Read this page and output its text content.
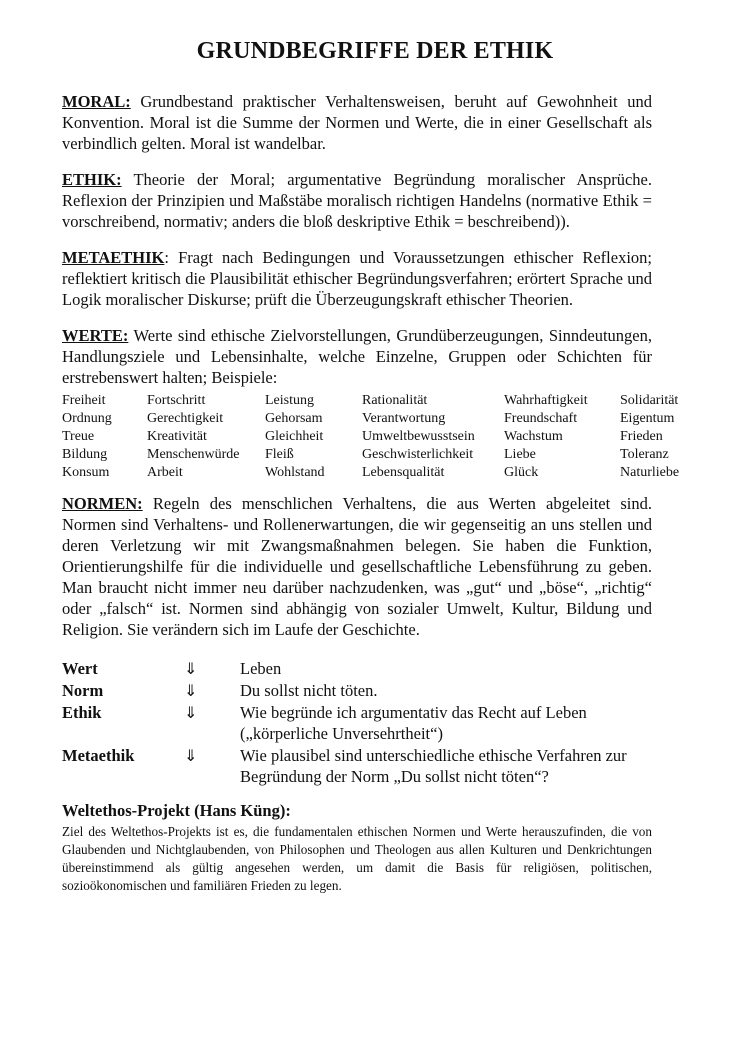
GRUNDBEGRIFFE DER ETHIK

MORAL: Grundbestand praktischer Verhaltensweisen, beruht auf Gewohnheit und Konvention. Moral ist die Summe der Normen und Werte, die in einer Gesellschaft als verbindlich gelten. Moral ist wandelbar.

ETHIK: Theorie der Moral; argumentative Begründung moralischer Ansprüche. Reflexion der Prinzipien und Maßstäbe moralisch richtigen Handelns (normative Ethik = vorschreibend, normativ; anders die bloß deskriptive Ethik = beschreibend)).

METAETHIK: Fragt nach Bedingungen und Voraussetzungen ethischer Reflexion; reflektiert kritisch die Plausibilität ethischer Begründungsverfahren; erörtert Sprache und Logik moralischer Diskurse; prüft die Überzeugungskraft ethischer Theorien.

WERTE: Werte sind ethische Zielvorstellungen, Grundüberzeugungen, Sinndeutungen, Handlungsziele und Lebensinhalte, welche Einzelne, Gruppen oder Schichten für erstrebenswert halten; Beispiele:

Freiheit	Fortschritt	Leistung	Rationalität	Wahrhaftigkeit	Solidarität
Ordnung	Gerechtigkeit	Gehorsam	Verantwortung	Freundschaft	Eigentum
Treue	Kreativität	Gleichheit	Umweltbewusstsein	Wachstum	Frieden
Bildung	Menschenwürde	Fleiß	Geschwisterlichkeit	Liebe	Toleranz
Konsum	Arbeit	Wohlstand	Lebensqualität	Glück	Naturliebe

NORMEN: Regeln des menschlichen Verhaltens, die aus Werten abgeleitet sind. Normen sind Verhaltens- und Rollenerwartungen, die wir gegenseitig an uns stellen und deren Verletzung wir mit Zwangsmaßnahmen belegen. Sie haben die Funktion, Orientierungshilfe für die individuelle und gesellschaftliche Lebensführung zu geben. Man braucht nicht immer neu darüber nachzudenken, was „gut“ und „böse“, „richtig“ oder „falsch“ ist. Normen sind abhängig von sozialer Umwelt, Kultur, Bildung und Religion. Sie verändern sich im Laufe der Geschichte.

Wert	⇓	Leben
Norm	⇓	Du sollst nicht töten.
Ethik	⇓	Wie begründe ich argumentativ das Recht auf Leben („körperliche Unversehrtheit“)
Metaethik	⇓	Wie plausibel sind unterschiedliche ethische Verfahren zur Begründung der Norm „Du sollst nicht töten“?
Weltethos-Projekt (Hans Küng):

Ziel des Weltethos-Projekts ist es, die fundamentalen ethischen Normen und Werte herauszufinden, die von Glaubenden und Nichtglaubenden, von Philosophen und Theologen aus allen Kulturen und Denkrichtungen übereinstimmend als gültig angesehen werden, um damit die Basis für religiösen, politischen, sozioökonomischen und familiären Frieden zu legen.
